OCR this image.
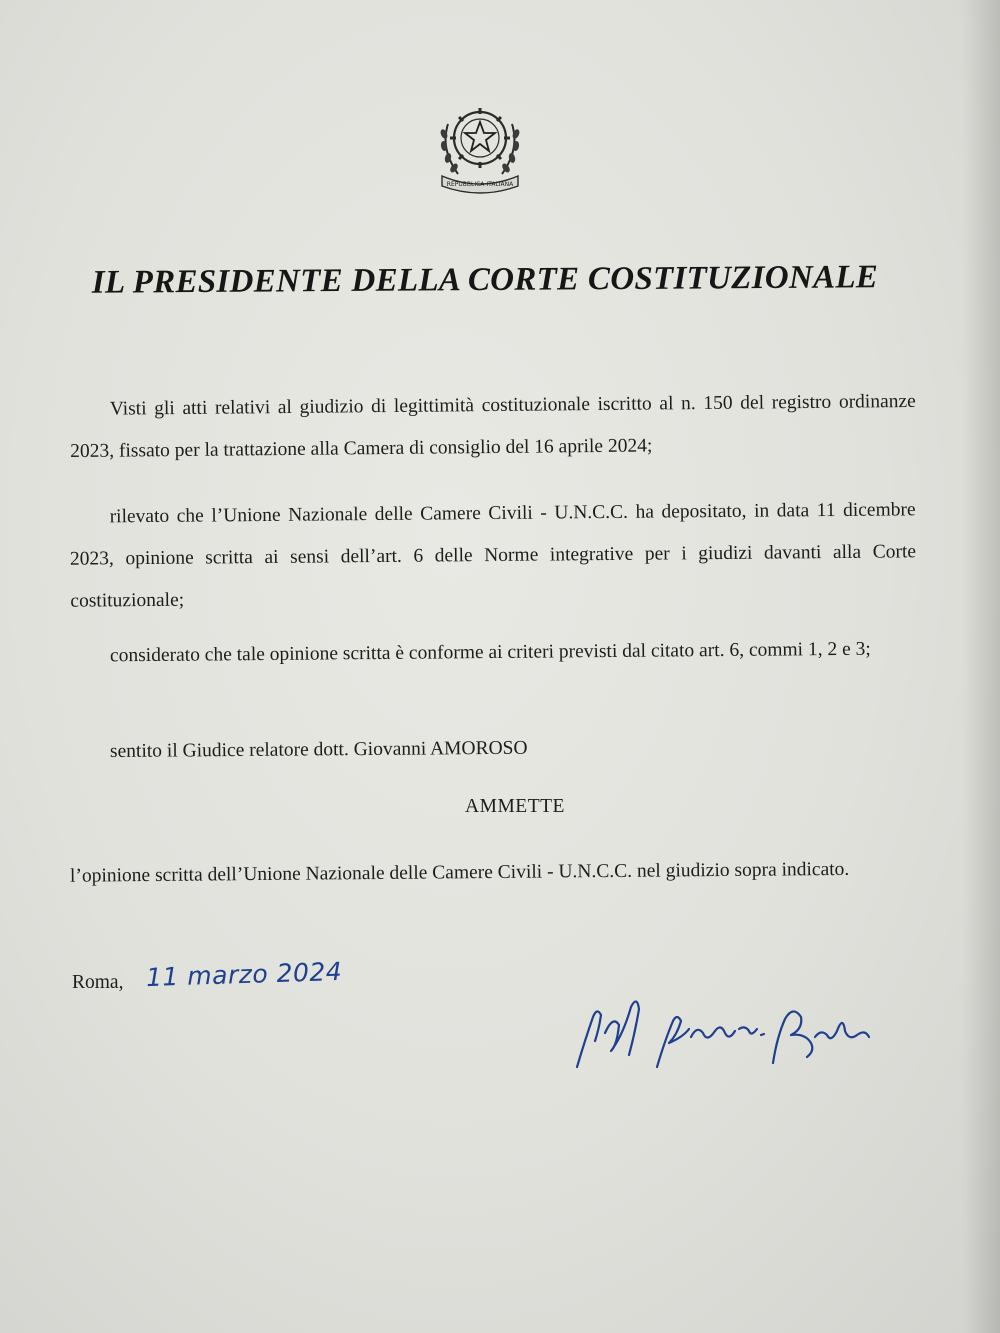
REPUBBLICA ITALIANA
IL PRESIDENTE DELLA CORTE COSTITUZIONALE

Visti gli atti relativi al giudizio di legittimità costituzionale iscritto al n. 150 del registro ordinanze 2023, fissato per la trattazione alla Camera di consiglio del 16 aprile 2024;

rilevato che l’Unione Nazionale delle Camere Civili - U.N.C.C. ha depositato, in data 11 dicembre 2023, opinione scritta ai sensi dell’art. 6 delle Norme integrative per i giudizi davanti alla Corte costituzionale;

considerato che tale opinione scritta è conforme ai criteri previsti dal citato art. 6, commi 1, 2 e 3;

sentito il Giudice relatore dott. Giovanni AMOROSO

AMMETTE

l’opinione scritta dell’Unione Nazionale delle Camere Civili - U.N.C.C. nel giudizio sopra indicato.

Roma, 11 marzo 2024
